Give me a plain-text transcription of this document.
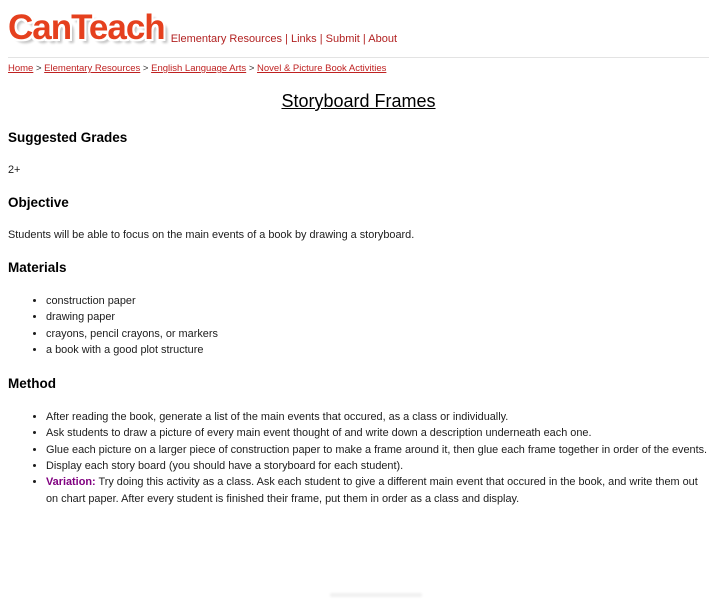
CanTeach Elementary Resources | Links | Submit | About
Home > Elementary Resources > English Language Arts > Novel & Picture Book Activities
Storyboard Frames
Suggested Grades

2+

Objective

Students will be able to focus on the main events of a book by drawing a storyboard.

Materials
• construction paper
• drawing paper
• crayons, pencil crayons, or markers
• a book with a good plot structure
Method
• After reading the book, generate a list of the main events that occured, as a class or individually.
• Ask students to draw a picture of every main event thought of and write down a description underneath each one.
• Glue each picture on a larger piece of construction paper to make a frame around it, then glue each frame together in order of the events.
• Display each story board (you should have a storyboard for each student).
• Variation: Try doing this activity as a class. Ask each student to give a different main event that occured in the book, and write them out on chart paper. After every student is finished their frame, put them in order as a class and display.
